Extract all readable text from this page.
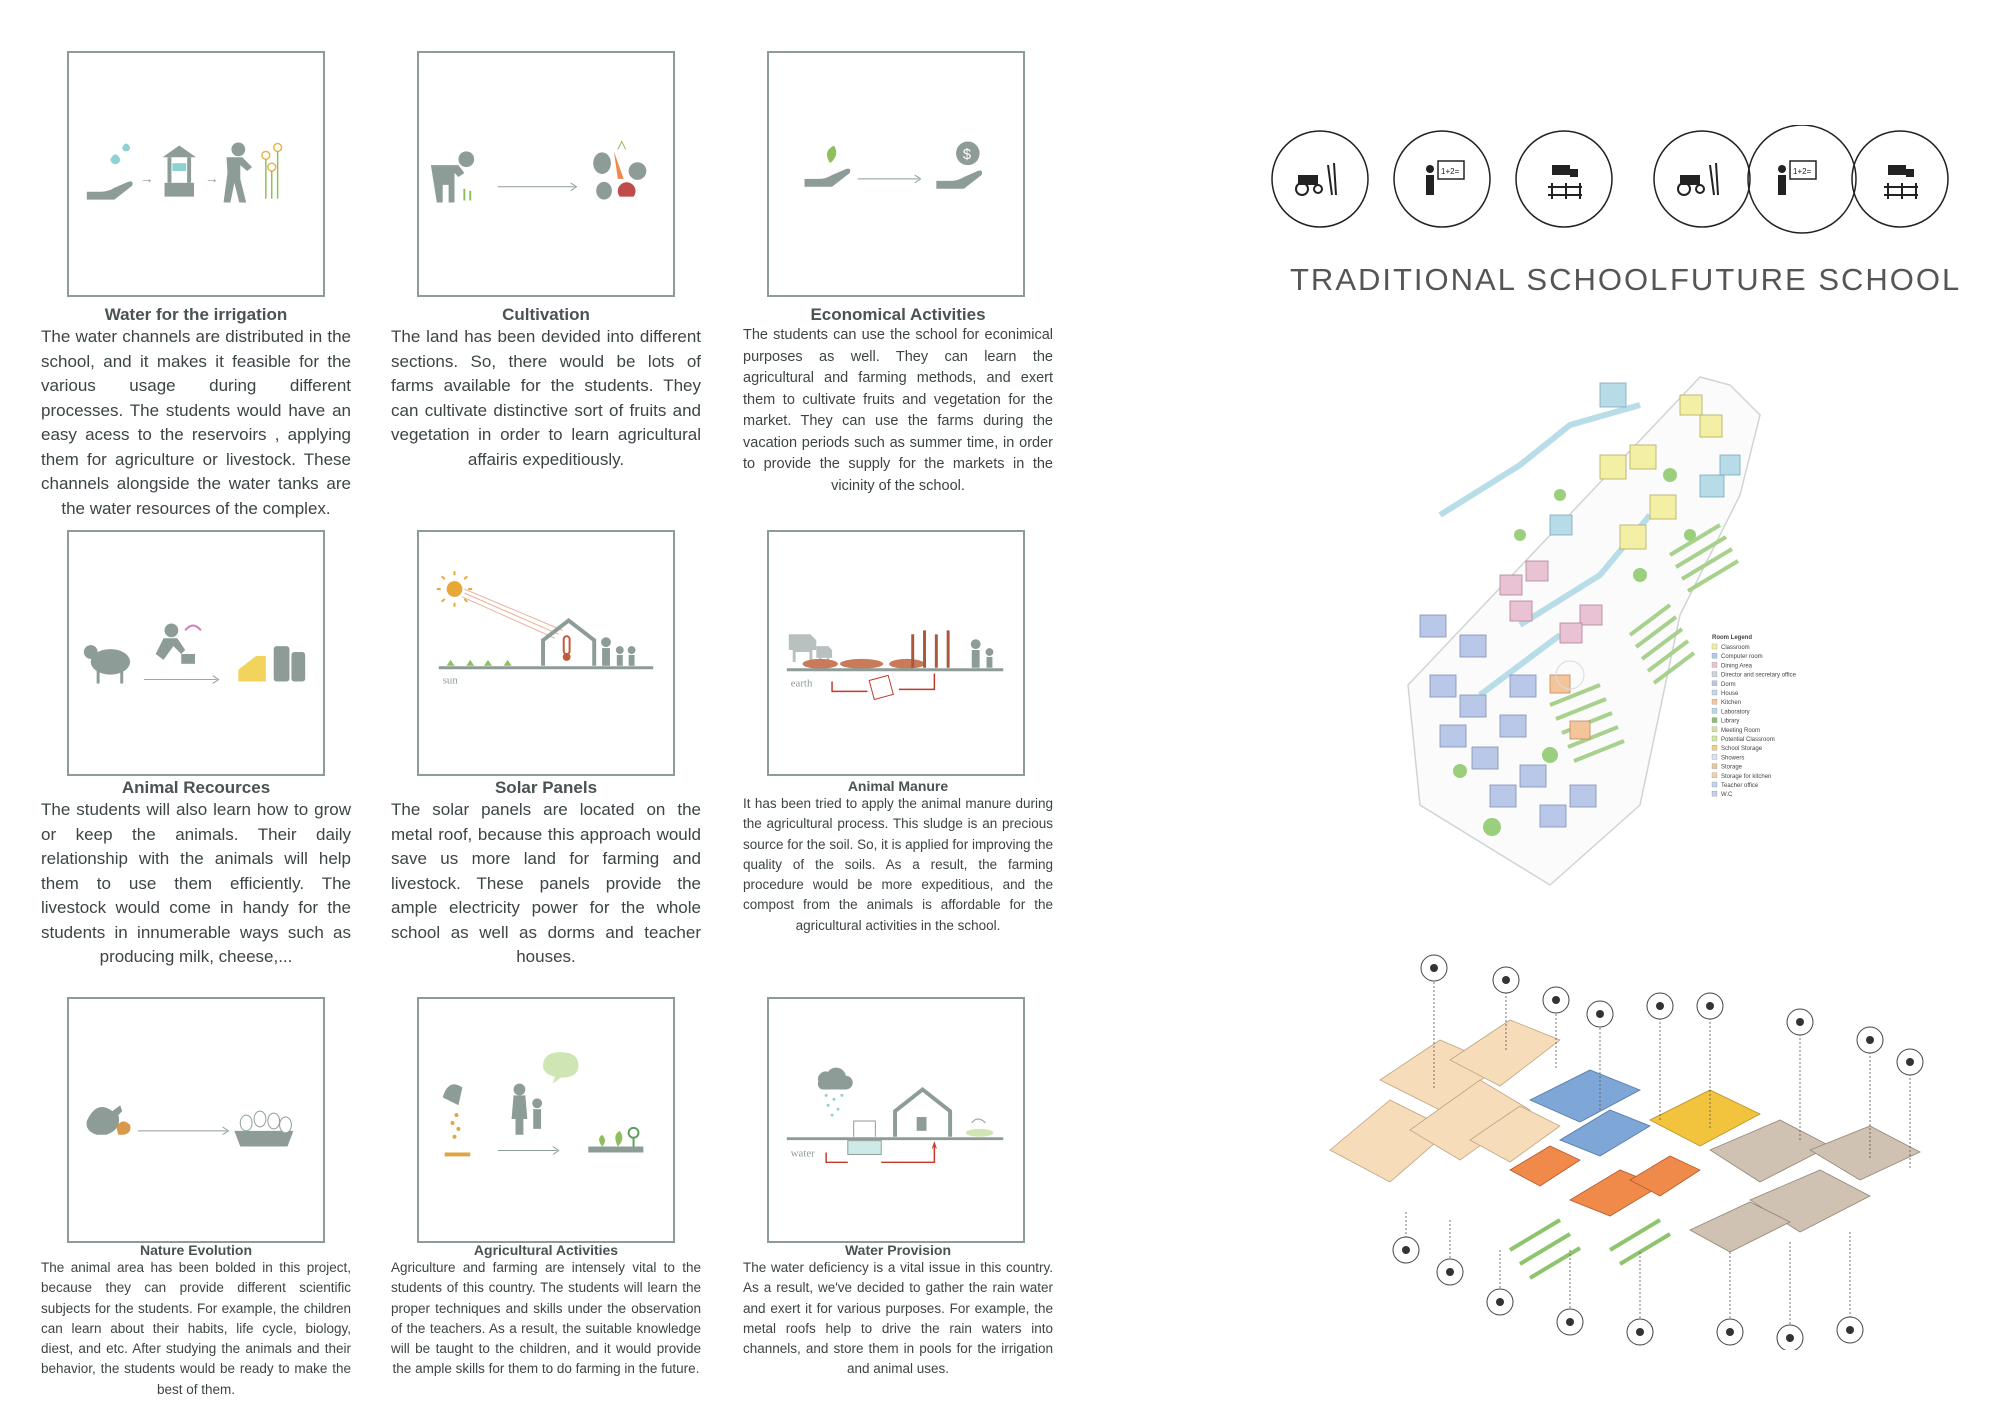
→	→
Water for the irrigation

The water channels are distributed in the school, and it makes it feasible for the various usage during different processes. The students would have an easy acess to the reservoirs , applying them for agriculture or livestock. These channels alongside the water tanks are the water resources of the complex.

Cultivation

The land has been devided into different sections. So, there would be lots of farms available for the students. They can cultivate distinctive sort of fruits and vegetation in order to learn agricultural affairis expeditiously.

$
Economical Activities

The students can use the school for econimical purposes as well. They can learn the agricultural and farming methods, and exert them to cultivate fruits and vegetation for the market. They can use the farms during the vacation periods such as summer time, in order to provide the supply for the markets in the vicinity of the school.

Animal Recources

The students will also learn how to grow or keep the animals. Their daily relationship with the animals will help them to use them efficiently. The livestock would come in handy for the students in innumerable ways such as producing milk, cheese,...

sun
Solar Panels

The solar panels are located on the metal roof, because this approach would save us more land for farming and livestock. These panels provide the ample electricity power for the whole school as well as dorms and teacher houses.

earth
Animal Manure

It has been tried to apply the animal manure during the agricultural process. This sludge is an precious source for the soil. So, it is applied for improving the quality of the soils. As a result, the farming procedure would be more expeditious, and the compost from the animals is affordable for the agricultural activities in the school.

Nature Evolution

The animal area has been bolded in this project, because they can provide different scientific subjects for the students. For example, the children can learn about their habits, life cycle, biology, diest, and etc. After studying the animals and their behavior, the students would be ready to make the best of them.

Agricultural Activities

Agriculture and farming are intensely vital to the students of this country. The students will learn the proper techniques and skills under the observation of the teachers. As a result, the suitable knowledge will be taught to the children, and it would provide the ample skills for them to do farming in the future.

water
Water Provision

The water deficiency is a vital issue in this country. As a result, we've decided to gather the rain water and exert it for various purposes. For example, the metal roofs help to drive the rain waters into channels, and store them in pools for the irrigation and animal uses.

1+2=
TRADITIONAL SCHOOL
1+2=
FUTURE SCHOOL
Room Legend
Classroom
Computer room
Dining Area
Director and secretary office
Dorm
House
Kitchen
Laboratory
Library
Meeting Room
Potential Classroom
School Storage
Showers
Storage
Storage for kitchen
Teacher office
W.C
